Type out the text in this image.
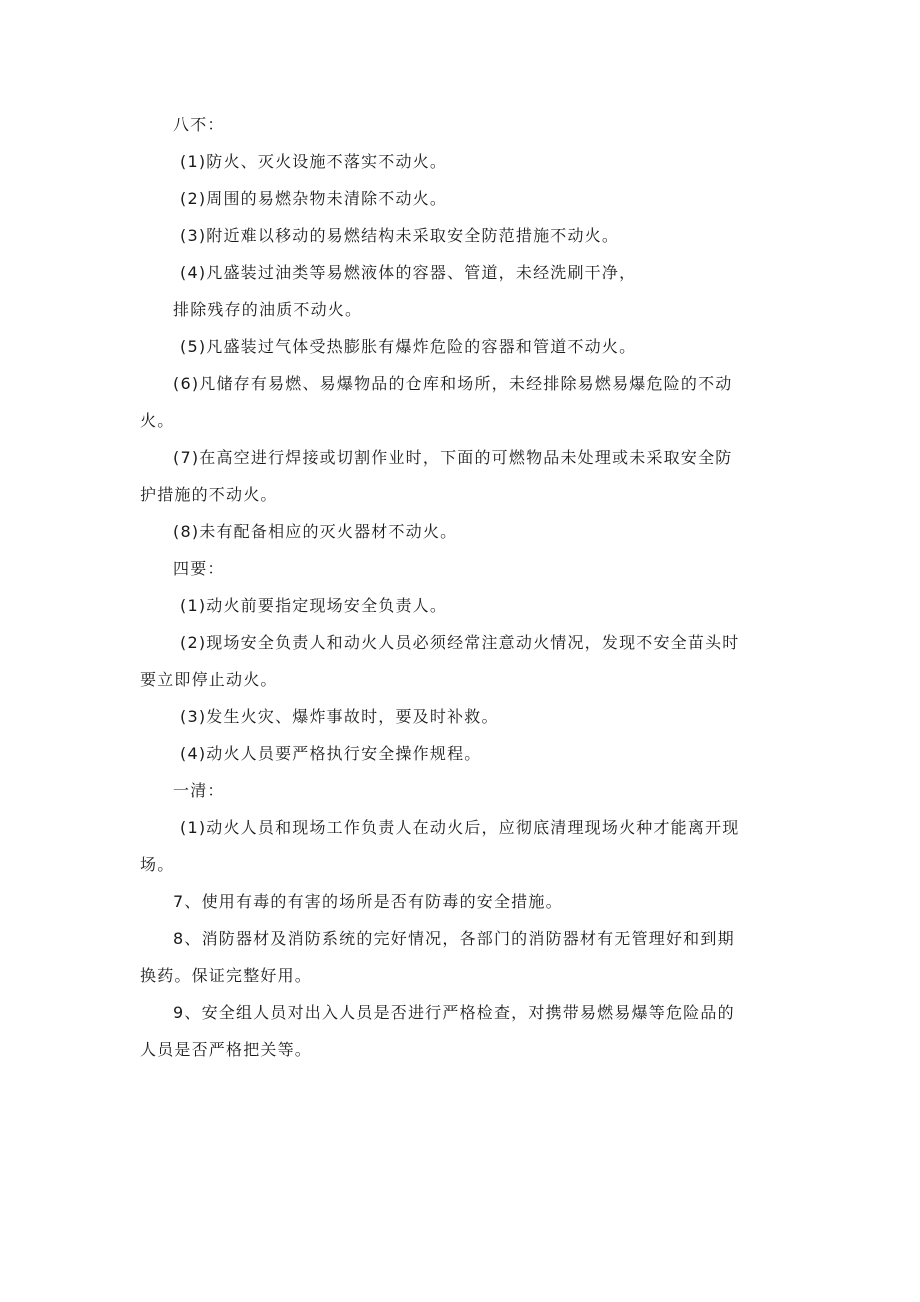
八不：
(1)防火、灭火设施不落实不动火。
(2)周围的易燃杂物未清除不动火。
(3)附近难以移动的易燃结构未采取安全防范措施不动火。
(4)凡盛装过油类等易燃液体的容器、管道，未经洗刷干净，
排除残存的油质不动火。
(5)凡盛装过气体受热膨胀有爆炸危险的容器和管道不动火。
(6)凡储存有易燃、易爆物品的仓库和场所，未经排除易燃易爆危险的不动
火。
(7)在高空进行焊接或切割作业时，下面的可燃物品未处理或未采取安全防
护措施的不动火。
(8)未有配备相应的灭火器材不动火。
四要：
(1)动火前要指定现场安全负责人。
(2)现场安全负责人和动火人员必须经常注意动火情况，发现不安全苗头时
要立即停止动火。
(3)发生火灾、爆炸事故时，要及时补救。
(4)动火人员要严格执行安全操作规程。
一清：
(1)动火人员和现场工作负责人在动火后，应彻底清理现场火种才能离开现
场。
7、使用有毒的有害的场所是否有防毒的安全措施。
8、消防器材及消防系统的完好情况，各部门的消防器材有无管理好和到期
换药。保证完整好用。
9、安全组人员对出入人员是否进行严格检查，对携带易燃易爆等危险品的
人员是否严格把关等。
